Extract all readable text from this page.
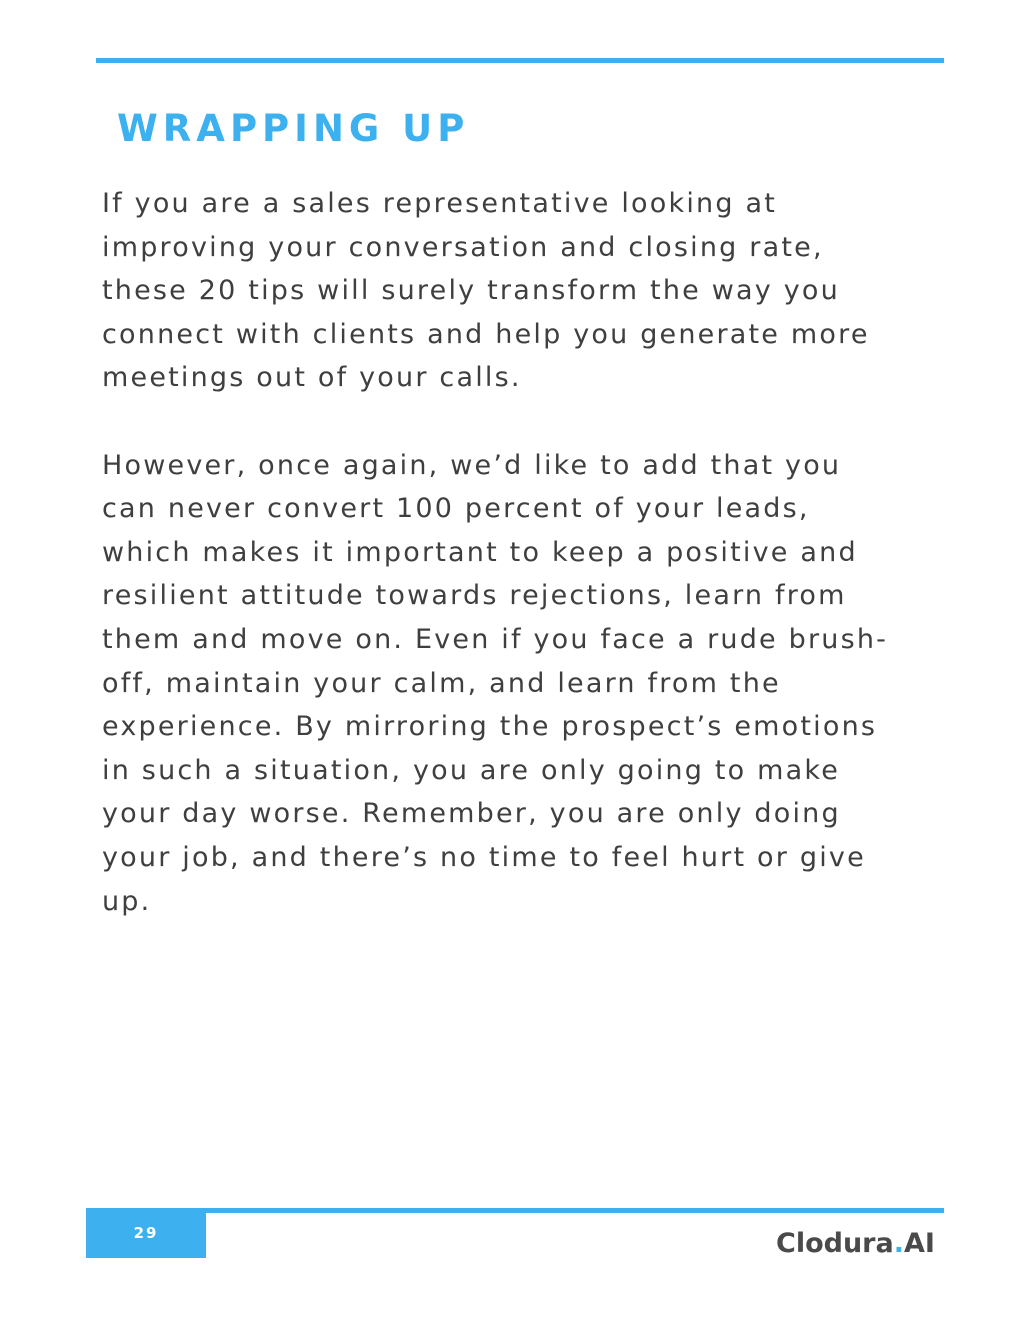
WRAPPING UP

If you are a sales representative looking at
improving your conversation and closing rate,
these 20 tips will surely transform the way you
connect with clients and help you generate more
meetings out of your calls.

However, once again, we’d like to add that you
can never convert 100 percent of your leads,
which makes it important to keep a positive and
resilient attitude towards rejections, learn from
them and move on. Even if you face a rude brush-
off, maintain your calm, and learn from the
experience. By mirroring the prospect’s emotions
in such a situation, you are only going to make
your day worse. Remember, you are only doing
your job, and there’s no time to feel hurt or give
up.

29	Clodura.AI
